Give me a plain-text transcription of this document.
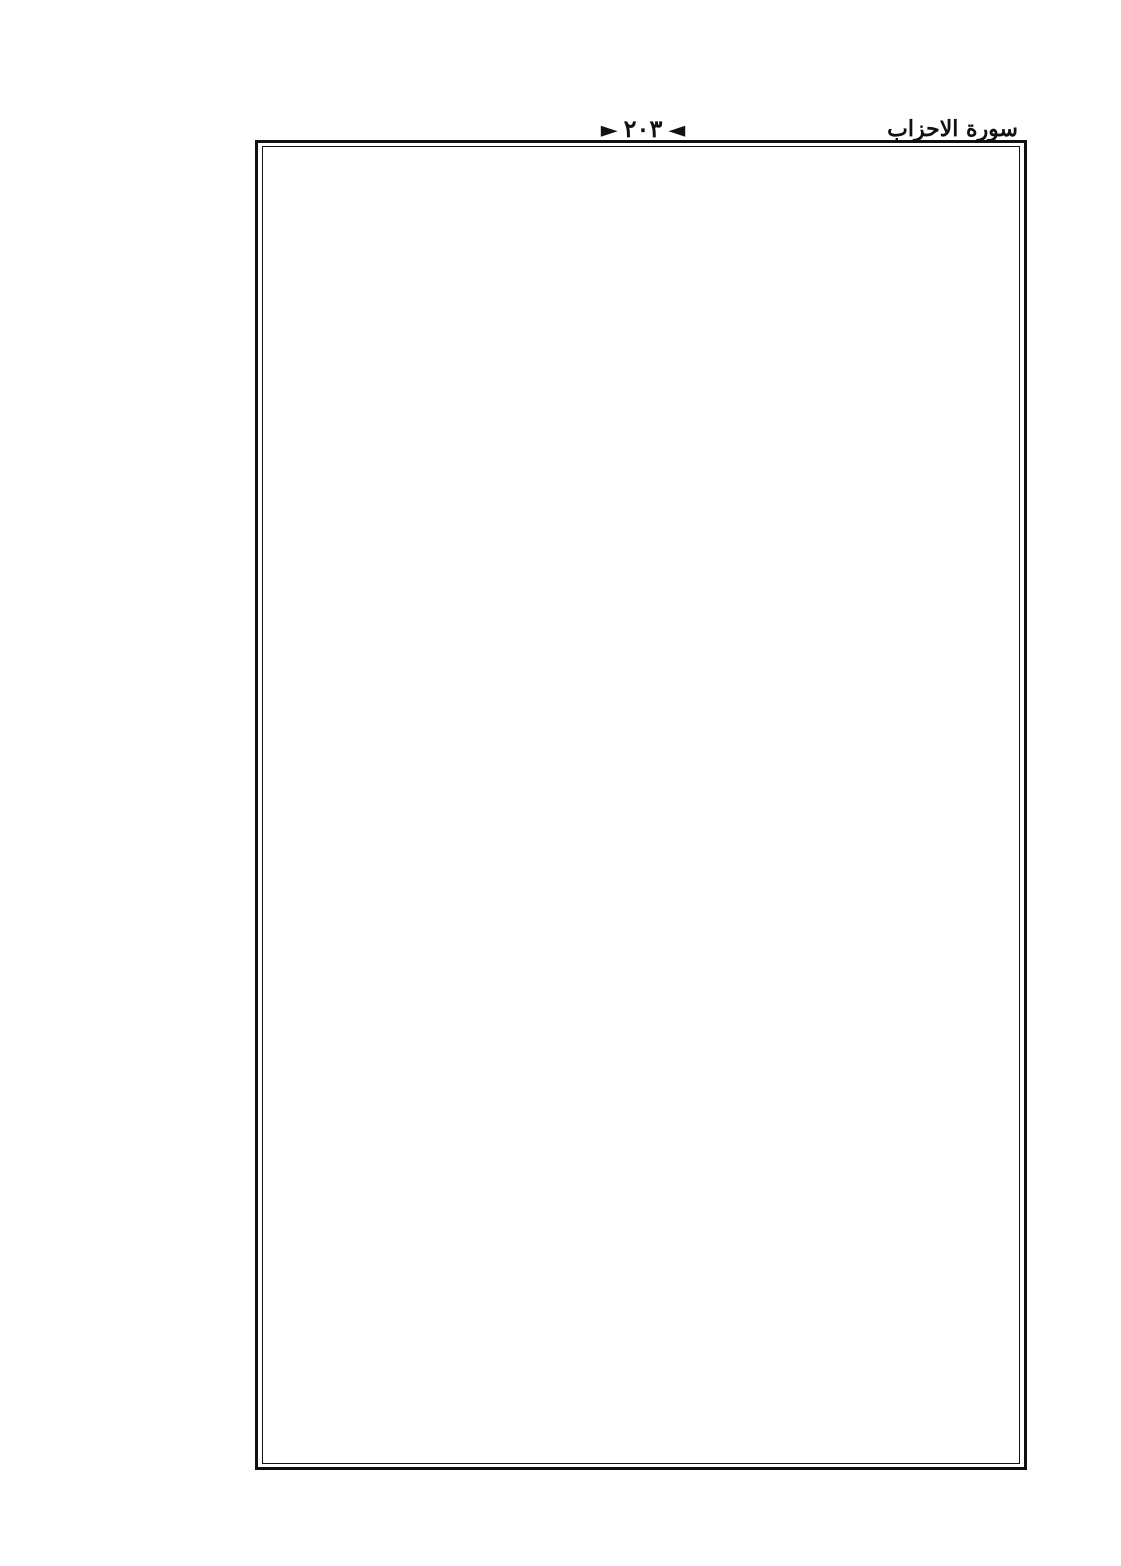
◄٢٠٣►	سورة الاحزاب
